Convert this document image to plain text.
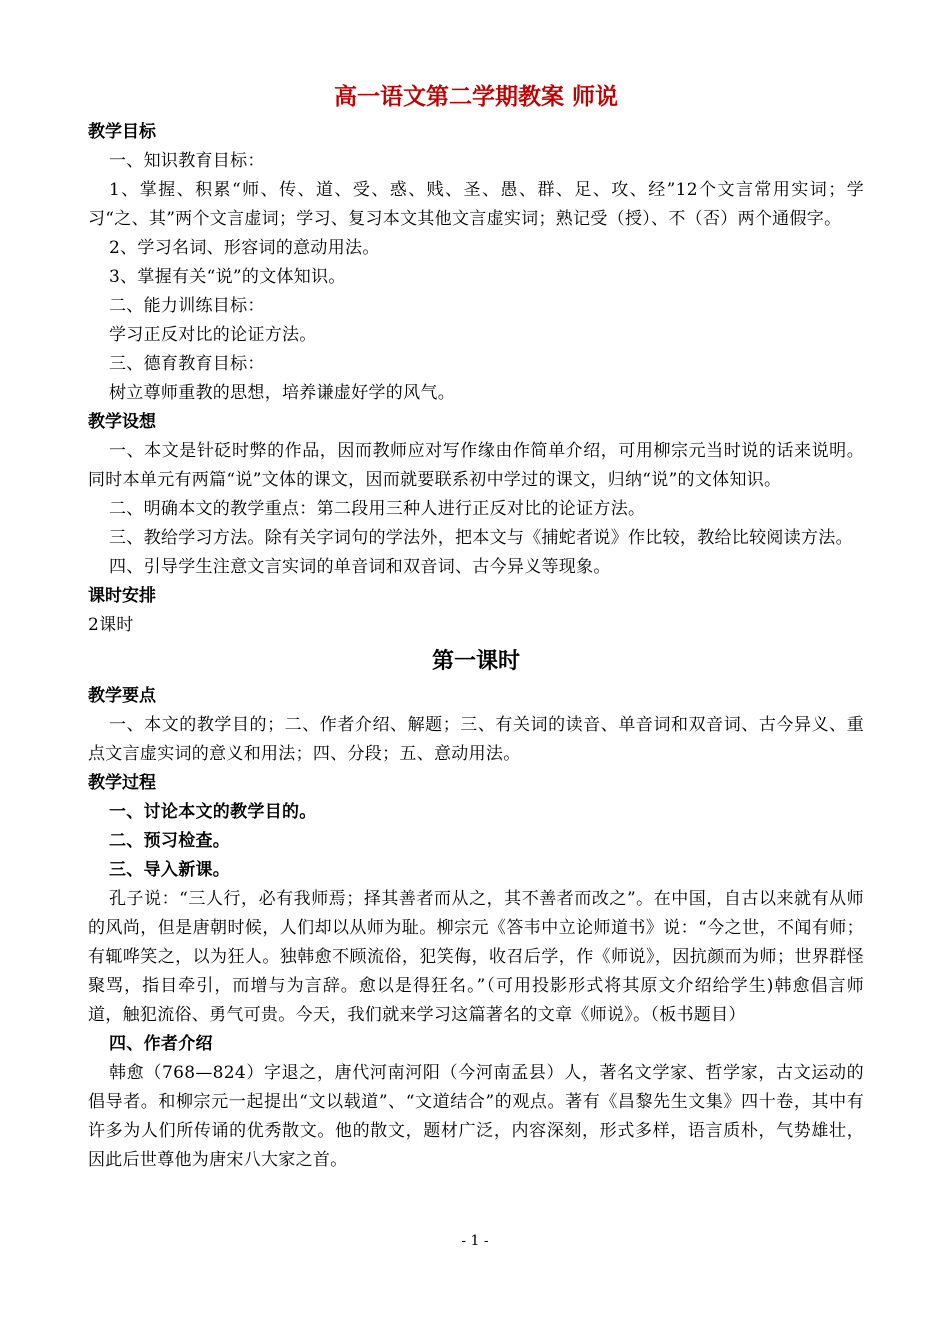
高一语文第二学期教案 师说
教学目标
一、知识教育目标：
1、掌握、积累“师、传、道、受、惑、贱、圣、愚、群、足、攻、经”12个文言常用实词；学习“之、其”两个文言虚词；学习、复习本文其他文言虚实词；熟记受（授）、不（否）两个通假字。
2、学习名词、形容词的意动用法。
3、掌握有关“说”的文体知识。
二、能力训练目标：
学习正反对比的论证方法。
三、德育教育目标：
树立尊师重教的思想，培养谦虚好学的风气。
教学设想
一、本文是针砭时弊的作品，因而教师应对写作缘由作简单介绍，可用柳宗元当时说的话来说明。同时本单元有两篇“说”文体的课文，因而就要联系初中学过的课文，归纳“说”的文体知识。
二、明确本文的教学重点：第二段用三种人进行正反对比的论证方法。
三、教给学习方法。除有关字词句的学法外，把本文与《捕蛇者说》作比较，教给比较阅读方法。
四、引导学生注意文言实词的单音词和双音词、古今异义等现象。
课时安排
2课时
第一课时
教学要点
一、本文的教学目的；二、作者介绍、解题；三、有关词的读音、单音词和双音词、古今异义、重点文言虚实词的意义和用法；四、分段；五、意动用法。
教学过程
一、讨论本文的教学目的。
二、预习检查。
三、导入新课。
孔子说：“三人行，必有我师焉；择其善者而从之，其不善者而改之”。在中国，自古以来就有从师的风尚，但是唐朝时候，人们却以从师为耻。柳宗元《答韦中立论师道书》说：“今之世，不闻有师；有辄哗笑之，以为狂人。独韩愈不顾流俗，犯笑侮，收召后学，作《师说》，因抗颜而为师；世界群怪聚骂，指目牵引，而增与为言辞。愈以是得狂名。”（可用投影形式将其原文介绍给学生)韩愈倡言师道，触犯流俗、勇气可贵。今天，我们就来学习这篇著名的文章《师说》。（板书题目）
四、作者介绍
韩愈（768—824）字退之，唐代河南河阳（今河南孟县）人，著名文学家、哲学家，古文运动的倡导者。和柳宗元一起提出“文以载道”、“文道结合”的观点。著有《昌黎先生文集》四十卷，其中有许多为人们所传诵的优秀散文。他的散文，题材广泛，内容深刻，形式多样，语言质朴，气势雄壮，因此后世尊他为唐宋八大家之首。
- 1 -
